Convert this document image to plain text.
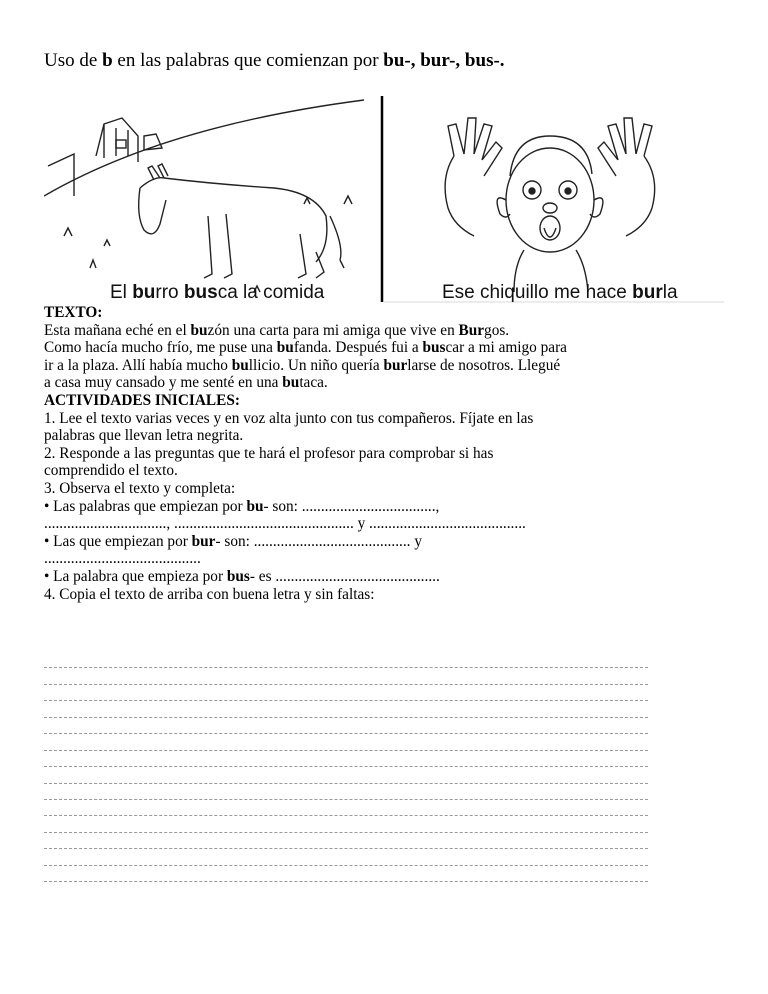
Uso de b en las palabras que comienzan por bu-, bur-, bus-.
El burro busca la comida	Ese chiquillo me hace burla

TEXTO:

Esta mañana eché en el buzón una carta para mi amiga que vive en Burgos.

Como hacía mucho frío, me puse una bufanda. Después fui a buscar a mi amigo para

ir a la plaza. Allí había mucho bullicio. Un niño quería burlarse de nosotros. Llegué

a casa muy cansado y me senté en una butaca.

ACTIVIDADES INICIALES:

1. Lee el texto varias veces y en voz alta junto con tus compañeros. Fíjate en las

palabras que llevan letra negrita.

2. Responde a las preguntas que te hará el profesor para comprobar si has

comprendido el texto.

3. Observa el texto y completa:

• Las palabras que empiezan por bu- son: ...................................,

................................, ............................................... y .........................................

• Las que empiezan por bur- son: ......................................... y

.........................................

• La palabra que empieza por bus- es ...........................................

4. Copia el texto de arriba con buena letra y sin faltas:
